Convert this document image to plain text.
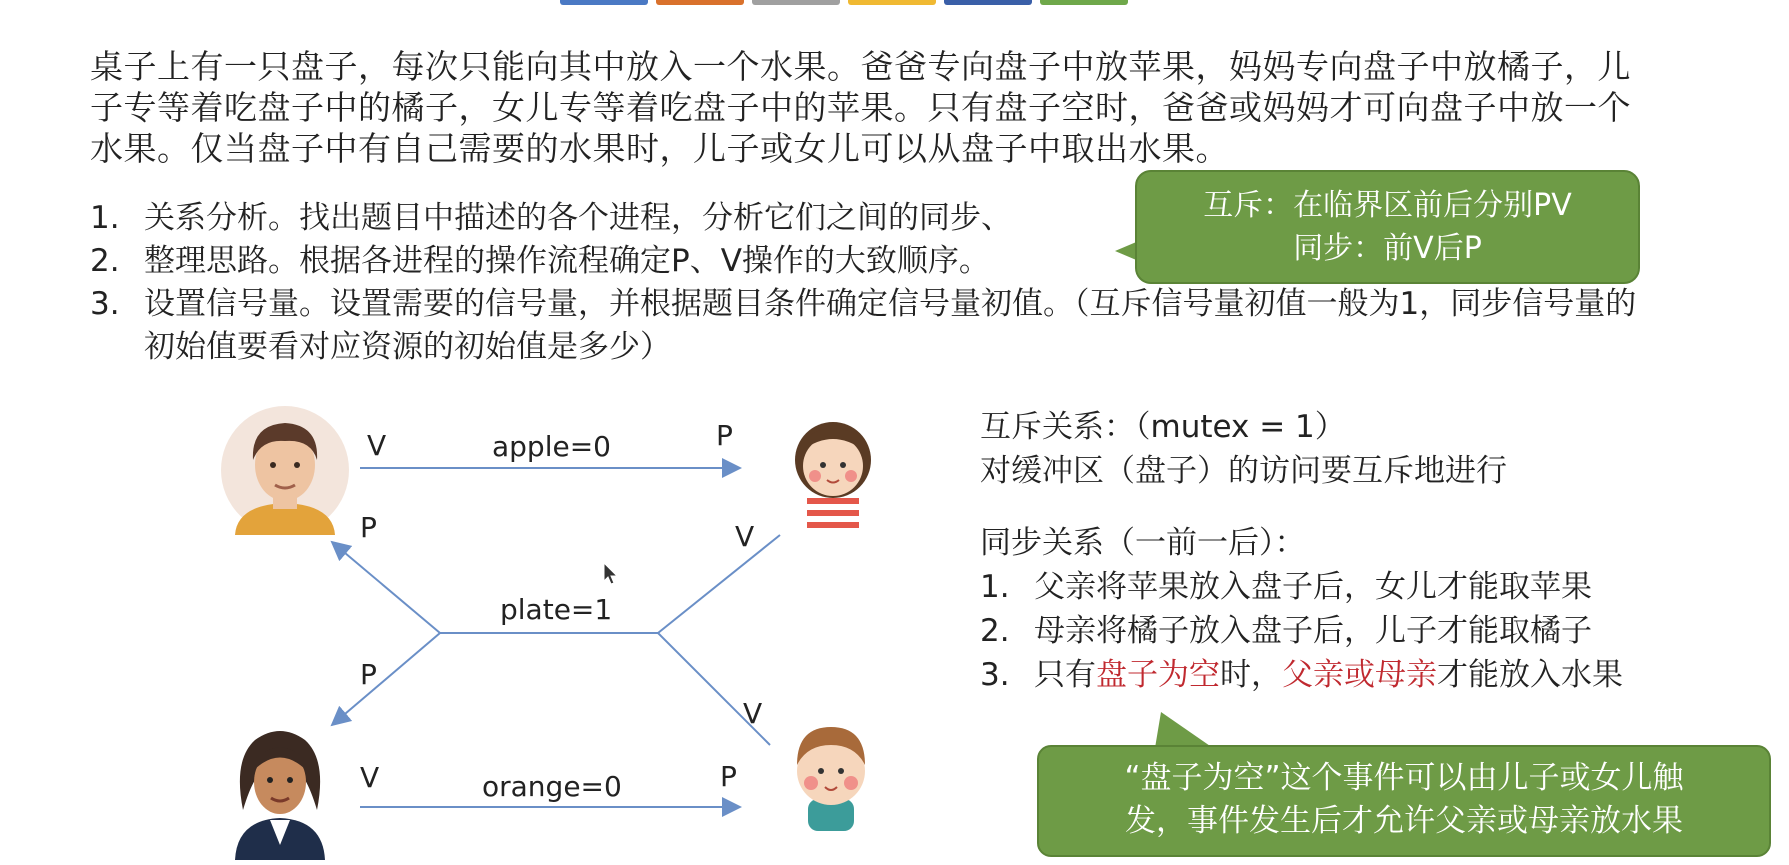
桌子上有一只盘子，每次只能向其中放入一个水果。爸爸专向盘子中放苹果，妈妈专向盘子中放橘子，儿子专等着吃盘子中的橘子，女儿专等着吃盘子中的苹果。只有盘子空时，爸爸或妈妈才可向盘子中放一个水果。仅当盘子中有自己需要的水果时，儿子或女儿可以从盘子中取出水果。
1. 关系分析。找出题目中描述的各个进程，分析它们之间的同步、
2. 整理思路。根据各进程的操作流程确定P、V操作的大致顺序。
3. 设置信号量。设置需要的信号量，并根据题目条件确定信号量初值。（互斥信号量初值一般为1，同步信号量的初始值要看对应资源的初始值是多少）
互斥：在临界区前后分别PV
同步：前V后P
apple=0
plate=1
orange=0
V	P
P	V
P
V
V	P
互斥关系：（mutex = 1）
对缓冲区（盘子）的访问要互斥地进行
同步关系（一前一后）：
1. 父亲将苹果放入盘子后，女儿才能取苹果
2. 母亲将橘子放入盘子后，儿子才能取橘子
3. 只有盘子为空时，父亲或母亲才能放入水果
“盘子为空”这个事件可以由儿子或女儿触
发，事件发生后才允许父亲或母亲放水果
